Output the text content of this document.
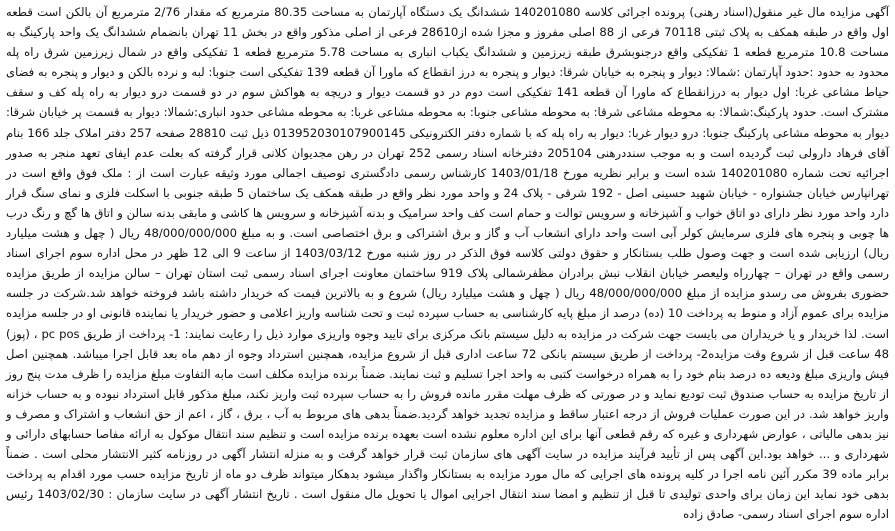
آگهی مزایده مال غیر منقول(اسناد رهنی) پرونده اجرائی کلاسه 140201080 ششدانگ یک دستگاه آپارتمان به مساحت 80.35 مترمربع که مقدار 2/76 مترمربع آن بالکن است قطعه اول واقع در طبقه همکف به پلاک ثبتی 70118 فرعی از 88 اصلی مفروز و مجزا شده از28610 فرعی از اصلی مذکور واقع در بخش 11 تهران بانضمام ششدانگ یک واحد پارکینگ به مساحت 10.8 مترمربع قطعه 1 تفکیکی واقع درجنوبشرق طبقه زیرزمین و ششدانگ یکباب انباری به مساحت 5.78 مترمربع قطعه 1 تفکیکی واقع در شمال زیرزمین شرق راه پله محدود به حدود :حدود آپارتمان :شمالا: دیوار و پنجره به خیابان شرقا: دیوار و پنجره به درز انقطاع که ماورا آن قطعه 139 تفکیکی است جنوبا: لبه و نرده بالکن و دیوار و پنجره به فضای حیاط مشاعی غربا: اول دیوار به درزانقطاع که ماورا آن قطعه 141 تفکیکی است دوم در دو قسمت دیوار و دریچه به هواکش سوم در دو قسمت درو دیوار به راه پله کف و سقف مشترک است. حدود پارکینگ:شمالا: به محوطه مشاعی شرقا: به محوطه مشاعی جنوبا: به محوطه مشاعی غربا: به محوطه مشاعی حدود انباری:شمالا: دیوار به قسمت پر خیابان شرقا: دیوار به محوطه مشاعی پارکینگ جنوبا: درو دیوار غربا: دیوار به راه پله که با شماره دفتر الکترونیکی 013952030107900145 ذیل ثبت 28810 صفحه 257 دفتر املاک جلد 166 بنام آقای فرهاد دارولی ثبت گردیده است و به موجب سنددرهنی 205104 دفترخانه اسناد رسمی 252 تهران در رهن مجدیوان کلانی قرار گرفته که بعلت عدم ایفای تعهد منجر به صدور اجرائیه تحت شماره 140201080 شده است و برابر نظریه مورخ 1403/01/18 کارشناس رسمی دادگستری توصیف اجمالی مورد وثیقه عبارت است از : ملک فوق واقع است در تهرانپارس خیابان جشنواره - خیابان شهید حسینی اصل - 192 شرقی - پلاک 24 و واحد مورد نظر واقع در طبقه همکف یک ساختمان 5 طبقه جنوبی با اسکلت فلزی و نمای سنگ قرار دارد واحد مورد نظر دارای دو اتاق خواب و آشپزخانه و سرویس توالت و حمام است کف واحد سرامیک و بدنه آشپزخانه و سرویس ها کاشی و مابقی بدنه سالن و اتاق ها گچ و رنگ درب ها چوبی و پنجره های فلزی سرمایش کولر آبی است واحد دارای انشعاب آب و گاز و برق اشتراکی و برق اختصاصی است. و به مبلغ 48/000/000/000 ریال ( چهل و هشت میلیارد ریال) ارزیابی شده است و جهت وصول طلب بستانکار و حقوق دولتی کلاسه فوق الذکر در روز شنبه مورخ 1403/03/12 از ساعت 9 الی 12 ظهر در محل اداره سوم اجرای اسناد رسمی واقع در تهران – چهارراه ولیعصر خیابان انقلاب نبش برادران مظفرشمالی پلاک 919 ساختمان معاونت اجرای اسناد رسمی ثبت استان تهران – سالن مزایده از طریق مزایده حضوری بفروش می رسدو مزایده از مبلغ 48/000/000/000 ریال ( چهل و هشت میلیارد ریال) شروع و به بالاترین قیمت که خریدار داشته باشد فروخته خواهد شد.شرکت در جلسه مزایده برای عموم آزاد و منوط به پرداخت 10 (ده) درصد از مبلغ پایه کارشناسی به حساب سپرده ثبت و تحت شناسه واریز اعلامی و حضور خریدار یا نماینده قانونی او در جلسه مزایده است. لذا خریدار و یا خریداران می بایست جهت شرکت در مزایده به دلیل سیستم بانک مرکزی برای تایید وجوه واریزی موارد ذیل را رعایت نمایند: 1- پرداخت از طریق pc pos ، (پوز) 48 ساعت قبل از شروع وقت مزایده2- پرداخت از طریق سیستم بانکی 72 ساعت اداری قبل از شروع مزایده، همچنین استرداد وجوه از دهم ماه بعد قابل اجرا میباشد. همچنین اصل فیش واریزی مبلغ ودیعه ده درصد بنام خود را به همراه درخواست کتبی به واحد اجرا تسلیم و ثبت نمایند. ضمناً برنده مزایده مکلف است مابه التفاوت مبلغ مزایده را ظرف مدت پنج روز از تاریخ مزایده به حساب صندوق ثبت تودیع نماید و در صورتی که ظرف مهلت مقرر مانده فروش را به حساب سپرده ثبت واریز نکند، مبلغ مذکور قابل استرداد نبوده و به حساب خزانه واریز خواهد شد. در این صورت عملیات فروش از درجه اعتبار ساقط و مزایده تجدید خواهد گردید.ضمناً بدهی های مربوط به آب ، برق ، گاز ، اعم از حق انشعاب و اشتراک و مصرف و نیز بدهی مالیاتی ، عوارض شهرداری و غیره که رقم قطعی آنها برای این اداره معلوم نشده است بعهده برنده مزایده است و تنظیم سند انتقال موکول به ارائه مفاصا حسابهای دارائی و شهرداری و ... خواهد بود.این آگهی پس از تأیید فرآیند مزایده در سایت آگهی های سازمان ثبت قرار خواهد گرفت و به منزله انتشار آگهی در روزنامه کثیر الانتشار محلی است . ضمناً برابر ماده 39 مکرر آئین نامه اجرا در کلیه پرونده های اجرایی که مال مورد مزایده به بستانکار واگذار میشود بدهکار میتواند ظرف دو ماه از تاریخ مزایده حسب مورد اقدام به پرداخت بدهی خود نماید این زمان برای واحدی تولیدی تا قبل از تنظیم و امضا سند انتقال اجرایی اموال یا تحویل مال منقول است . تاریخ انتشار آگهی در سایت سازمان : 1403/02/30 رئیس اداره سوم اجرای اسناد رسمی- صادق زاده
